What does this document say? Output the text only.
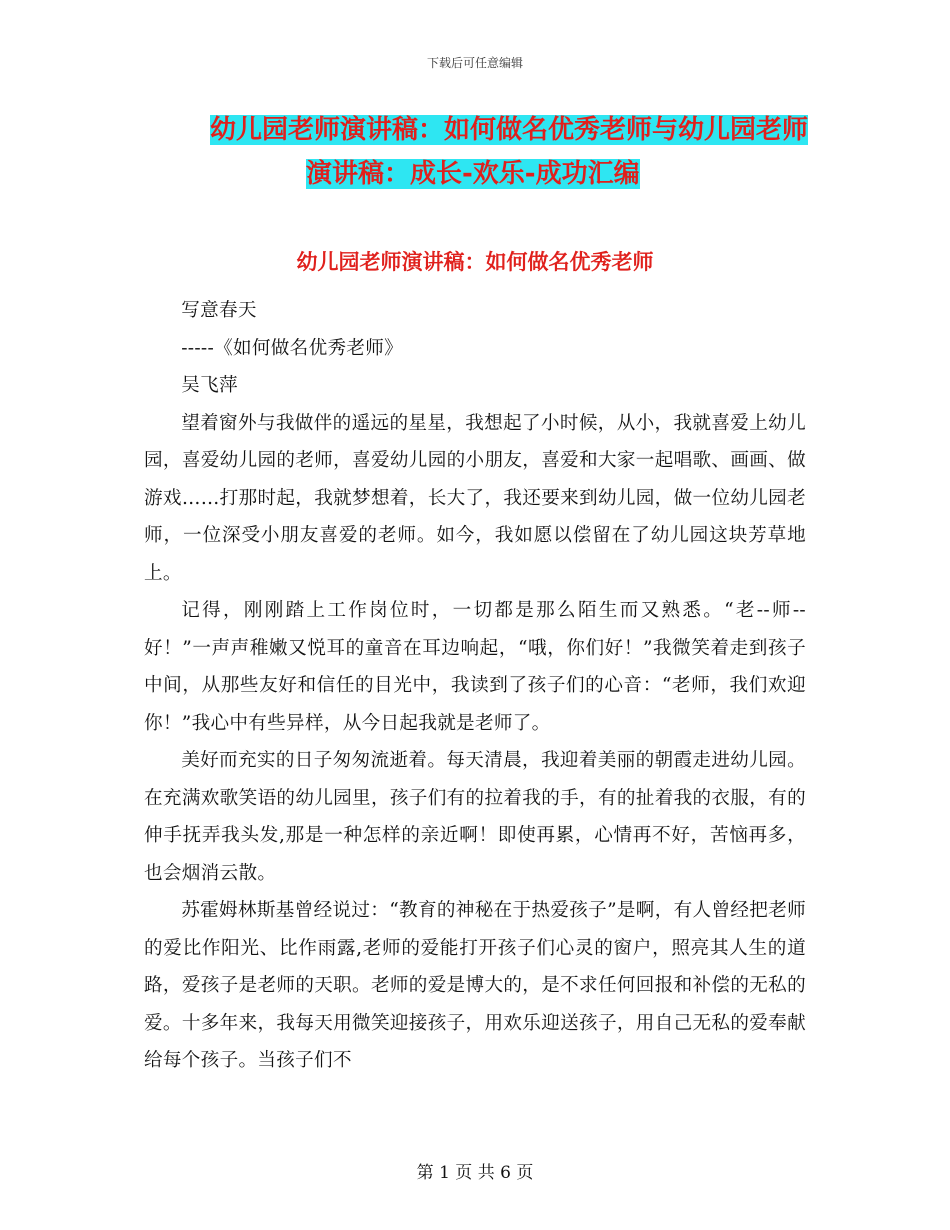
下载后可任意编辑
幼儿园老师演讲稿：如何做名优秀老师与幼儿园老师
演讲稿：成长-欢乐-成功汇编
幼儿园老师演讲稿：如何做名优秀老师

写意春天

-----《如何做名优秀老师》

吴飞萍

望着窗外与我做伴的遥远的星星，我想起了小时候，从小，我就喜爱上幼儿园，喜爱幼儿园的老师，喜爱幼儿园的小朋友，喜爱和大家一起唱歌、画画、做游戏……打那时起，我就梦想着，长大了，我还要来到幼儿园，做一位幼儿园老师，一位深受小朋友喜爱的老师。如今，我如愿以偿留在了幼儿园这块芳草地上。

记得，刚刚踏上工作岗位时，一切都是那么陌生而又熟悉。“老--师--好！”一声声稚嫩又悦耳的童音在耳边响起，“哦，你们好！”我微笑着走到孩子中间，从那些友好和信任的目光中，我读到了孩子们的心音：“老师，我们欢迎你！”我心中有些异样，从今日起我就是老师了。

美好而充实的日子匆匆流逝着。每天清晨，我迎着美丽的朝霞走进幼儿园。在充满欢歌笑语的幼儿园里，孩子们有的拉着我的手，有的扯着我的衣服，有的伸手抚弄我头发,那是一种怎样的亲近啊！即使再累，心情再不好，苦恼再多，也会烟消云散。

苏霍姆林斯基曾经说过：“教育的神秘在于热爱孩子”是啊，有人曾经把老师的爱比作阳光、比作雨露,老师的爱能打开孩子们心灵的窗户，照亮其人生的道路，爱孩子是老师的天职。老师的爱是博大的，是不求任何回报和补偿的无私的爱。十多年来，我每天用微笑迎接孩子，用欢乐迎送孩子，用自己无私的爱奉献给每个孩子。当孩子们不

第 1 页 共 6 页
